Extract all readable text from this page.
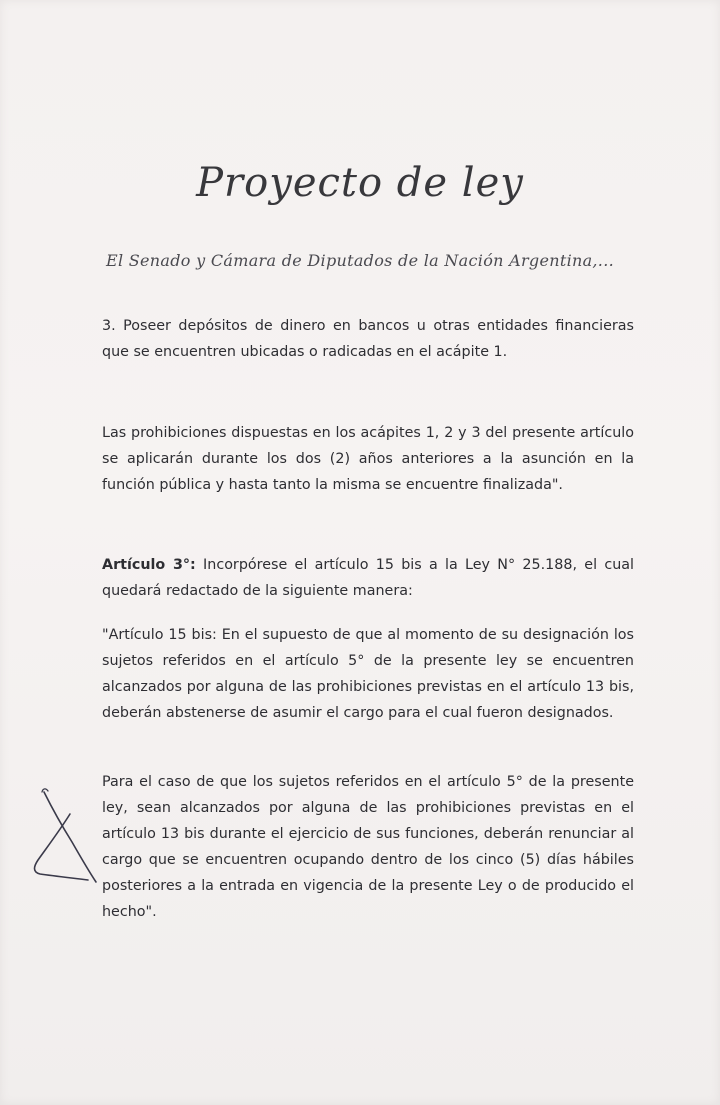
Proyecto de ley

El Senado y Cámara de Diputados de la Nación Argentina,...

3. Poseer depósitos de dinero en bancos u otras entidades financieras que se encuentren ubicadas o radicadas en el acápite 1.

Las prohibiciones dispuestas en los acápites 1, 2 y 3 del presente artículo se aplicarán durante los dos (2) años anteriores a la asunción en la función pública y hasta tanto la misma se encuentre finalizada".

Artículo 3°: Incorpórese el artículo 15 bis a la Ley N° 25.188, el cual quedará redactado de la siguiente manera:

"Artículo 15 bis: En el supuesto de que al momento de su designación los sujetos referidos en el artículo 5° de la presente ley se encuentren alcanzados por alguna de las prohibiciones previstas en el artículo 13 bis, deberán abstenerse de asumir el cargo para el cual fueron designados.

Para el caso de que los sujetos referidos en el artículo 5° de la presente ley, sean alcanzados por alguna de las prohibiciones previstas en el artículo 13 bis durante el ejercicio de sus funciones, deberán renunciar al cargo que se encuentren ocupando dentro de los cinco (5) días hábiles posteriores a la entrada en vigencia de la presente Ley o de producido el hecho".
